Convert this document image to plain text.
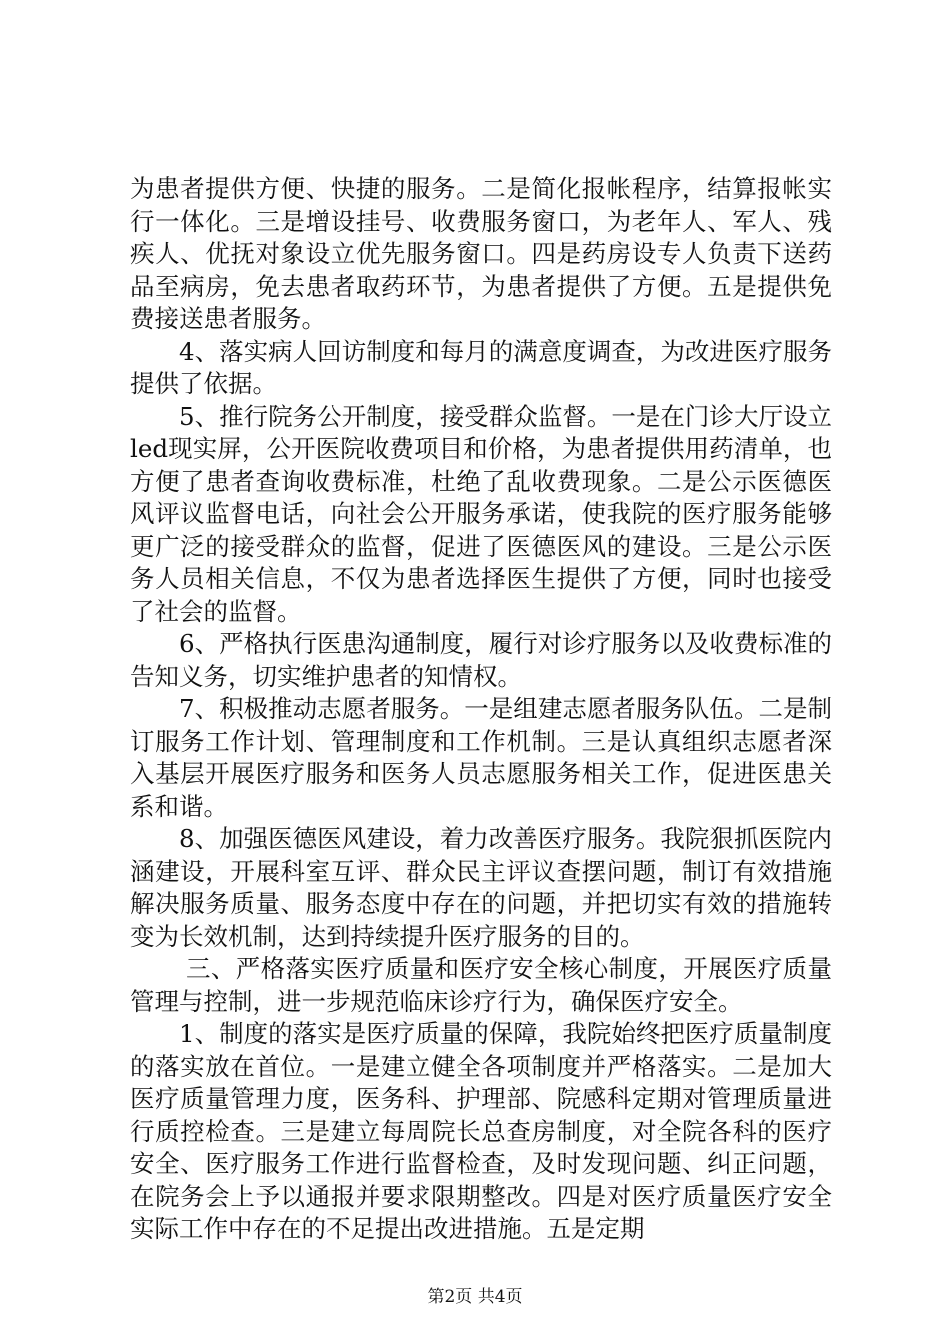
为患者提供方便、快捷的服务。二是简化报帐程序，结算报帐实行一体化。三是增设挂号、收费服务窗口，为老年人、军人、残疾人、优抚对象设立优先服务窗口。四是药房设专人负责下送药品至病房，免去患者取药环节，为患者提供了方便。五是提供免费接送患者服务。

4、落实病人回访制度和每月的满意度调查，为改进医疗服务提供了依据。

5、推行院务公开制度，接受群众监督。一是在门诊大厅设立led现实屏，公开医院收费项目和价格，为患者提供用药清单，也方便了患者查询收费标准，杜绝了乱收费现象。二是公示医德医风评议监督电话，向社会公开服务承诺，使我院的医疗服务能够更广泛的接受群众的监督，促进了医德医风的建设。三是公示医务人员相关信息，不仅为患者选择医生提供了方便，同时也接受了社会的监督。

6、严格执行医患沟通制度，履行对诊疗服务以及收费标准的告知义务，切实维护患者的知情权。

7、积极推动志愿者服务。一是组建志愿者服务队伍。二是制订服务工作计划、管理制度和工作机制。三是认真组织志愿者深入基层开展医疗服务和医务人员志愿服务相关工作，促进医患关系和谐。

8、加强医德医风建设，着力改善医疗服务。我院狠抓医院内涵建设，开展科室互评、群众民主评议查摆问题，制订有效措施解决服务质量、服务态度中存在的问题，并把切实有效的措施转变为长效机制，达到持续提升医疗服务的目的。

三、严格落实医疗质量和医疗安全核心制度，开展医疗质量管理与控制，进一步规范临床诊疗行为，确保医疗安全。

1、制度的落实是医疗质量的保障，我院始终把医疗质量制度的落实放在首位。一是建立健全各项制度并严格落实。二是加大医疗质量管理力度，医务科、护理部、院感科定期对管理质量进行质控检查。三是建立每周院长总查房制度，对全院各科的医疗安全、医疗服务工作进行监督检查，及时发现问题、纠正问题，在院务会上予以通报并要求限期整改。四是对医疗质量医疗安全实际工作中存在的不足提出改进措施。五是定期

第2页 共4页
